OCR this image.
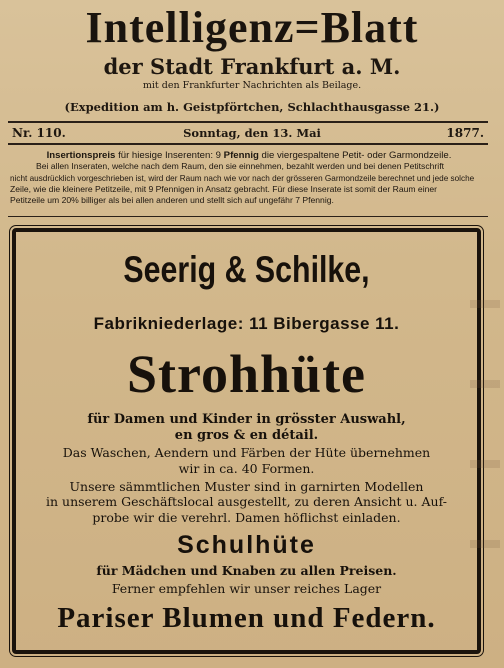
Intelligenz=Blatt
der Stadt Frankfurt a. M.
mit den Frankfurter Nachrichten als Beilage.
(Expedition am h. Geistpförtchen, Schlachthausgasse 21.)
Nr. 110.	Sonntag, den 13. Mai	1877.

Insertionspreis für hiesige Inserenten: 9 Pfennig die viergespaltene Petit- oder Garmondzeile.

Bei allen Inseraten, welche nach dem Raum, den sie einnehmen, bezahlt werden und bei denen Petitschrift

nicht ausdrücklich vorgeschrieben ist, wird der Raum nach wie vor nach der grösseren Garmondzeile berechnet und jede solche

Zeile, wie die kleinere Petitzeile, mit 9 Pfennigen in Ansatz gebracht. Für diese Inserate ist somit der Raum einer

Petitzeile um 20% billiger als bei allen anderen und stellt sich auf ungefähr 7 Pfennig.

Seerig & Schilke,
Fabrikniederlage: 11 Bibergasse 11.
Strohhüte
für Damen und Kinder in grösster Auswahl,
en gros & en détail.
Das Waschen, Aendern und Färben der Hüte übernehmen
wir in ca. 40 Formen.
Unsere sämmtlichen Muster sind in garnirten Modellen
in unserem Geschäftslocal ausgestellt, zu deren Ansicht u. Auf-
probe wir die verehrl. Damen höflichst einladen.
Schulhüte
für Mädchen und Knaben zu allen Preisen.
Ferner empfehlen wir unser reiches Lager
Pariser Blumen und Federn.
